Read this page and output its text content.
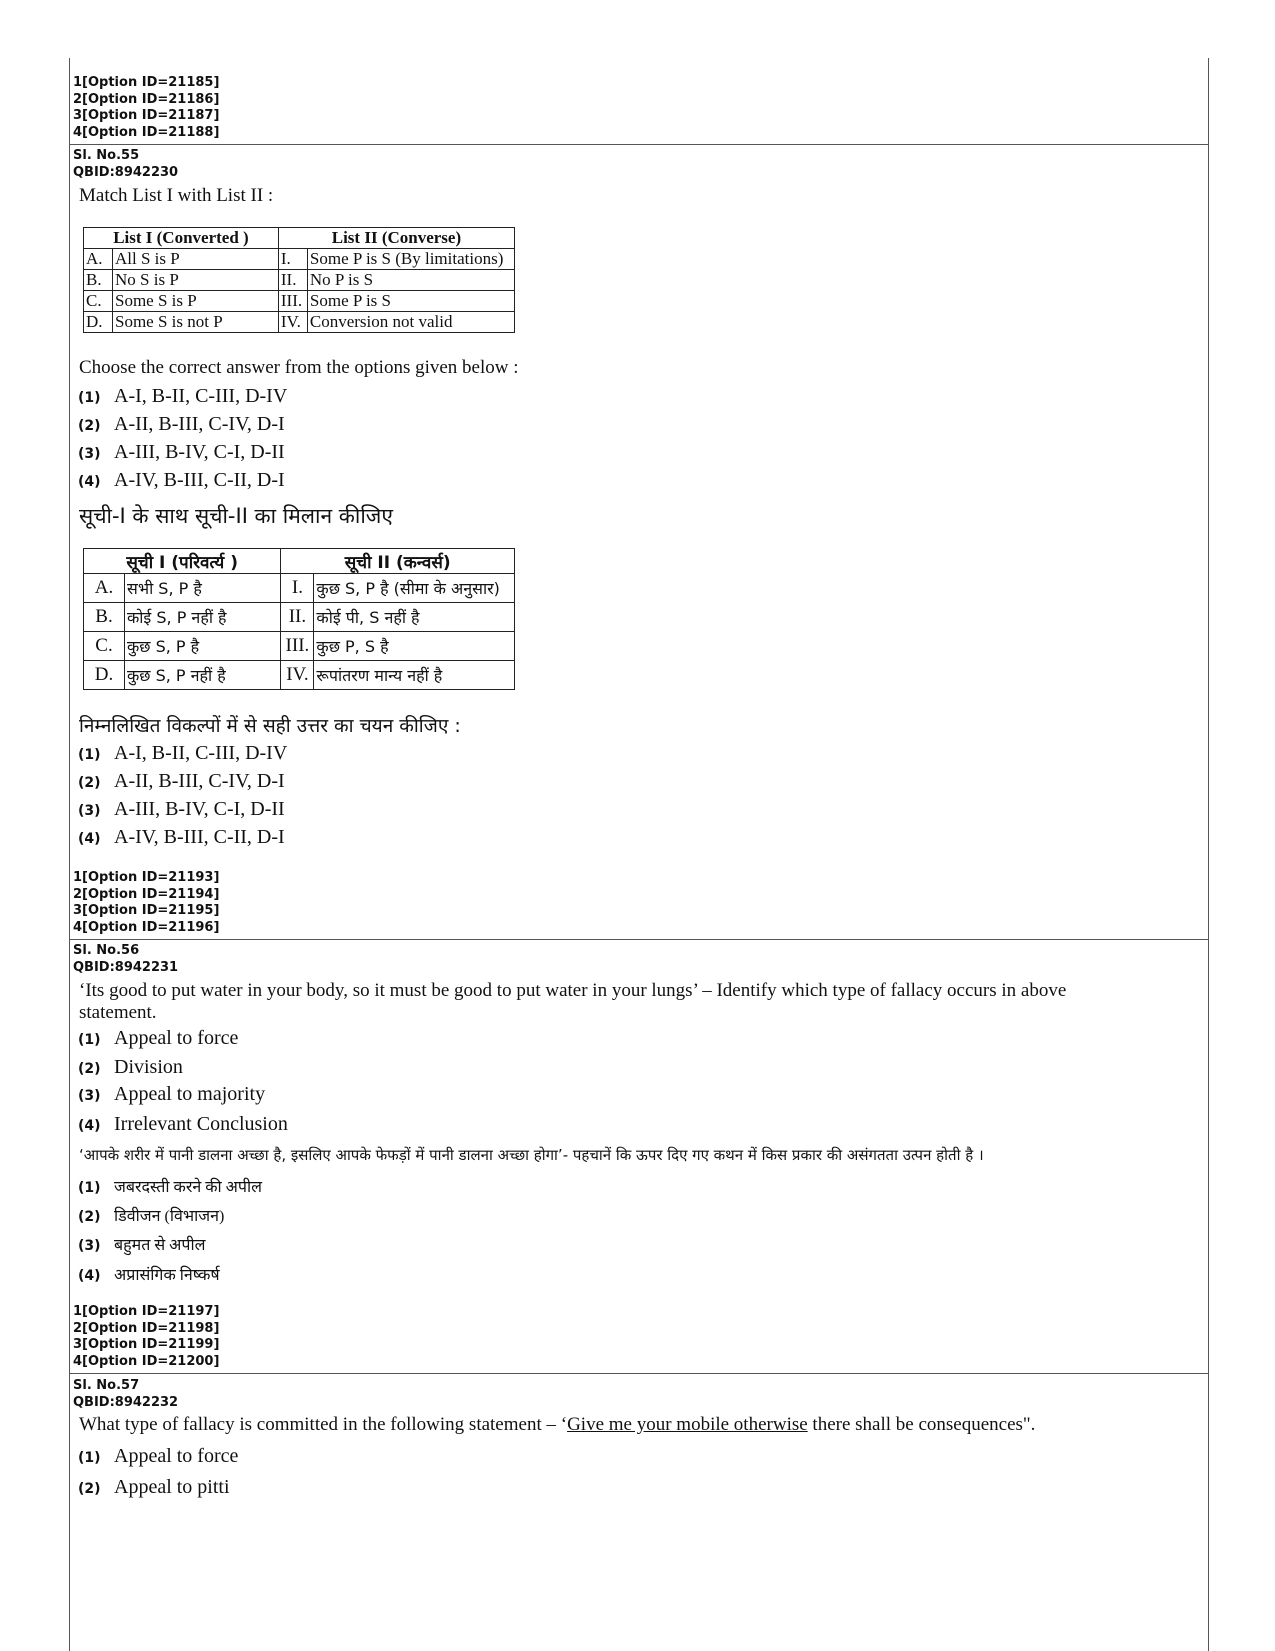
1[Option ID=21185]
2[Option ID=21186]
3[Option ID=21187]
4[Option ID=21188]
Sl. No.55
QBID:8942230
Match List I with List II :
List I (Converted )		List II (Converse)	
A.	All S is P	I.	Some P is S (By limitations)
B.	No S is P	II.	No P is S
C.	Some S is P	III.	Some P is S
D.	Some S is not P	IV.	Conversion not valid
Choose the correct answer from the options given below :
(1) A-I, B-II, C-III, D-IV
(2) A-II, B-III, C-IV, D-I
(3) A-III, B-IV, C-I, D-II
(4) A-IV, B-III, C-II, D-I
सूची-I के साथ सूची-II का मिलान कीजिए
सूची I (परिवर्त्य )		सूची II (कन्वर्स)	
A.	सभी S, P है	I.	कुछ S, P है (सीमा के अनुसार)
B.	कोई S, P नहीं है	II.	कोई पी, S नहीं है
C.	कुछ S, P है	III.	कुछ P, S है
D.	कुछ S, P नहीं है	IV.	रूपांतरण मान्य नहीं है
निम्नलिखित विकल्पों में से सही उत्तर का चयन कीजिए :
(1) A-I, B-II, C-III, D-IV
(2) A-II, B-III, C-IV, D-I
(3) A-III, B-IV, C-I, D-II
(4) A-IV, B-III, C-II, D-I
1[Option ID=21193]
2[Option ID=21194]
3[Option ID=21195]
4[Option ID=21196]
Sl. No.56
QBID:8942231
‘Its good to put water in your body, so it must be good to put water in your lungs’ – Identify which type of fallacy occurs in above statement.
(1) Appeal to force
(2) Division
(3) Appeal to majority
(4) Irrelevant Conclusion
‘आपके शरीर में पानी डालना अच्छा है, इसलिए आपके फेफड़ों में पानी डालना अच्छा होगा’- पहचानें कि ऊपर दिए गए कथन में किस प्रकार की असंगतता उत्पन होती है ।
(1) जबरदस्ती करने की अपील
(2) डिवीजन (विभाजन)
(3) बहुमत से अपील
(4) अप्रासंगिक निष्कर्ष
1[Option ID=21197]
2[Option ID=21198]
3[Option ID=21199]
4[Option ID=21200]
Sl. No.57
QBID:8942232
What type of fallacy is committed in the following statement – ‘Give me your mobile otherwise there shall be consequences".
(1) Appeal to force
(2) Appeal to pitti
